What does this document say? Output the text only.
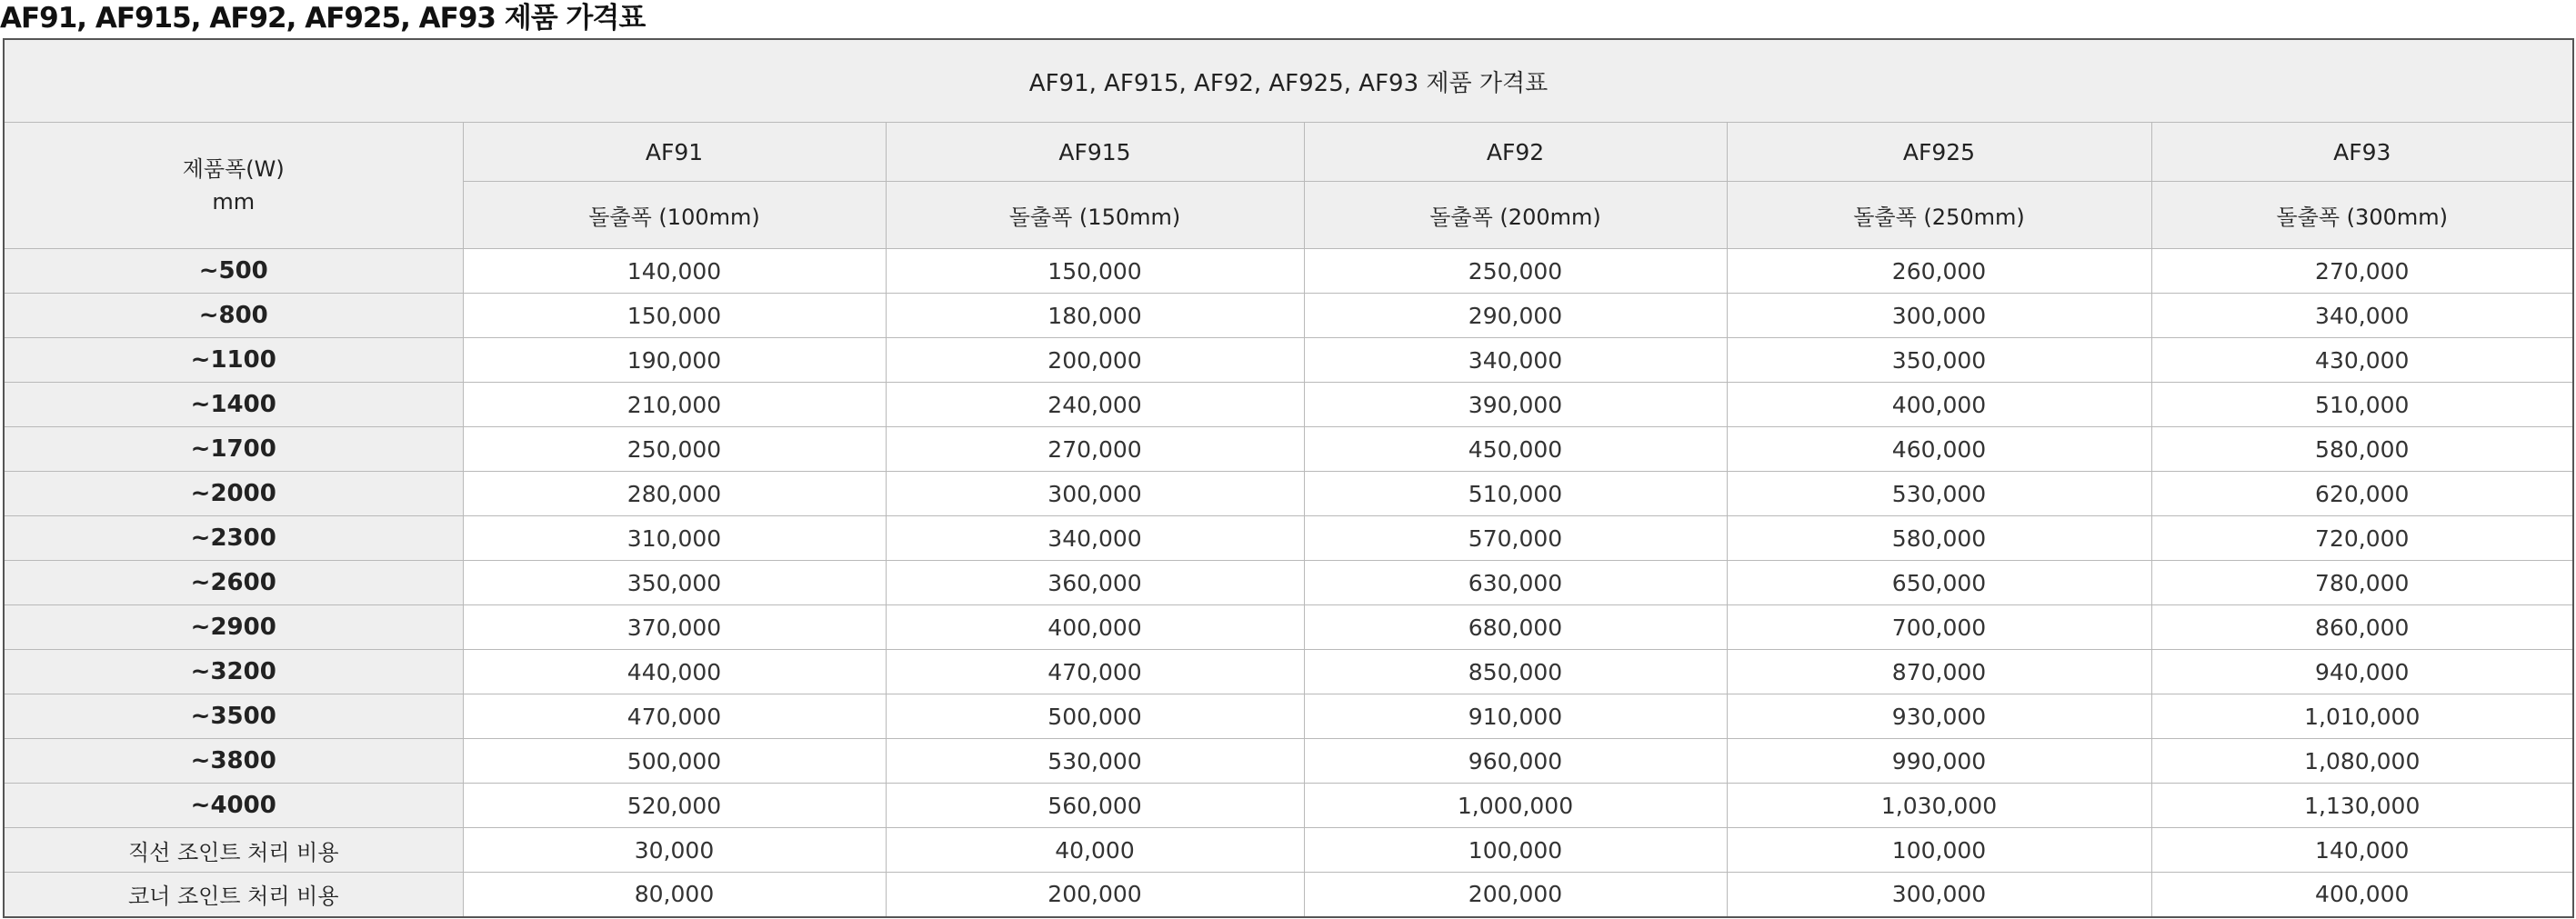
AF91, AF915, AF92, AF925, AF93 제품 가격표
AF91, AF915, AF92, AF925, AF93 제품 가격표					

제품폭(W)
mm	AF91	AF915	AF92	AF925	AF93
	돌출폭 (100mm)	돌출폭 (150mm)	돌출폭 (200mm)	돌출폭 (250mm)	돌출폭 (300mm)
~500	140,000	150,000	250,000	260,000	270,000
~800	150,000	180,000	290,000	300,000	340,000
~1100	190,000	200,000	340,000	350,000	430,000
~1400	210,000	240,000	390,000	400,000	510,000
~1700	250,000	270,000	450,000	460,000	580,000
~2000	280,000	300,000	510,000	530,000	620,000
~2300	310,000	340,000	570,000	580,000	720,000
~2600	350,000	360,000	630,000	650,000	780,000
~2900	370,000	400,000	680,000	700,000	860,000
~3200	440,000	470,000	850,000	870,000	940,000
~3500	470,000	500,000	910,000	930,000	1,010,000
~3800	500,000	530,000	960,000	990,000	1,080,000
~4000	520,000	560,000	1,000,000	1,030,000	1,130,000
직선 조인트 처리 비용	30,000	40,000	100,000	100,000	140,000
코너 조인트 처리 비용	80,000	200,000	200,000	300,000	400,000
